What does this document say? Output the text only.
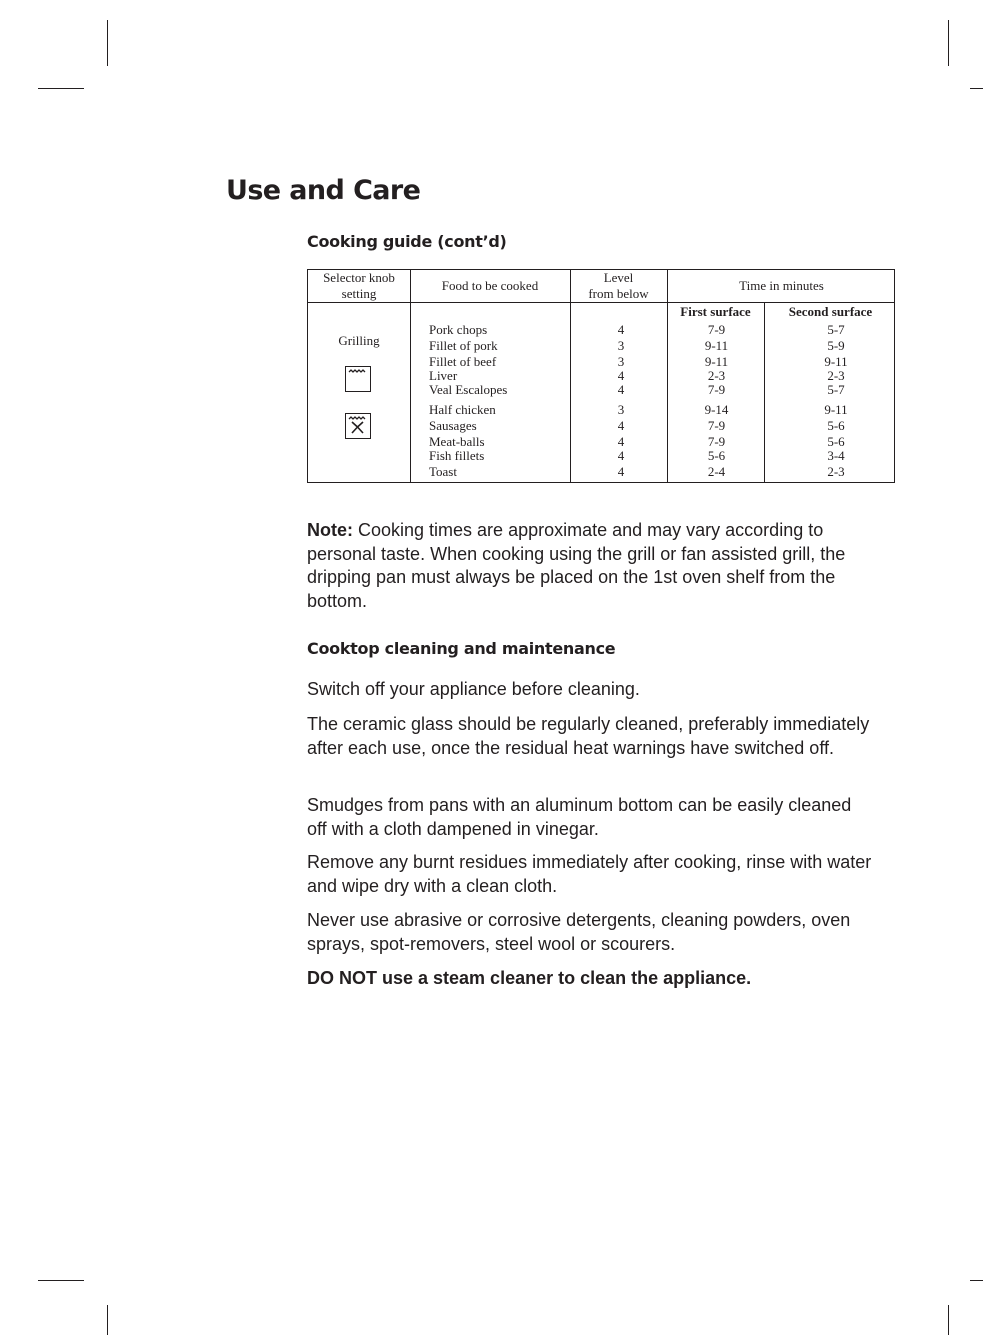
Use and Care
Cooking guide (cont’d)
Selector knob
setting
Food to be cooked
Level
from below
Time in minutes
First surface	Second surface
Grilling
Pork chops
Fillet of pork
Fillet of beef
Liver
Veal Escalopes
Half chicken
Sausages
Meat-balls
Fish fillets
Toast
4
3
3
4
4
3
4
4
4
4
7-9
9-11
9-11
2-3
7-9
9-14
7-9
7-9
5-6
2-4
5-7
5-9
9-11
2-3
5-7
9-11
5-6
5-6
3-4
2-3

Note: Cooking times are approximate and may vary according to personal taste. When cooking using the grill or fan assisted grill, the dripping pan must always be placed on the 1st oven shelf from the bottom.

Cooktop cleaning and maintenance

Switch off your appliance before cleaning.

The ceramic glass should be regularly cleaned, preferably immediately after each use, once the residual heat warnings have switched off.

Smudges from pans with an aluminum bottom can be easily cleaned off with a cloth dampened in vinegar.

Remove any burnt residues immediately after cooking, rinse with water and wipe dry with a clean cloth.

Never use abrasive or corrosive detergents, cleaning powders, oven sprays, spot-removers, steel wool or scourers.

DO NOT use a steam cleaner to clean the appliance.
